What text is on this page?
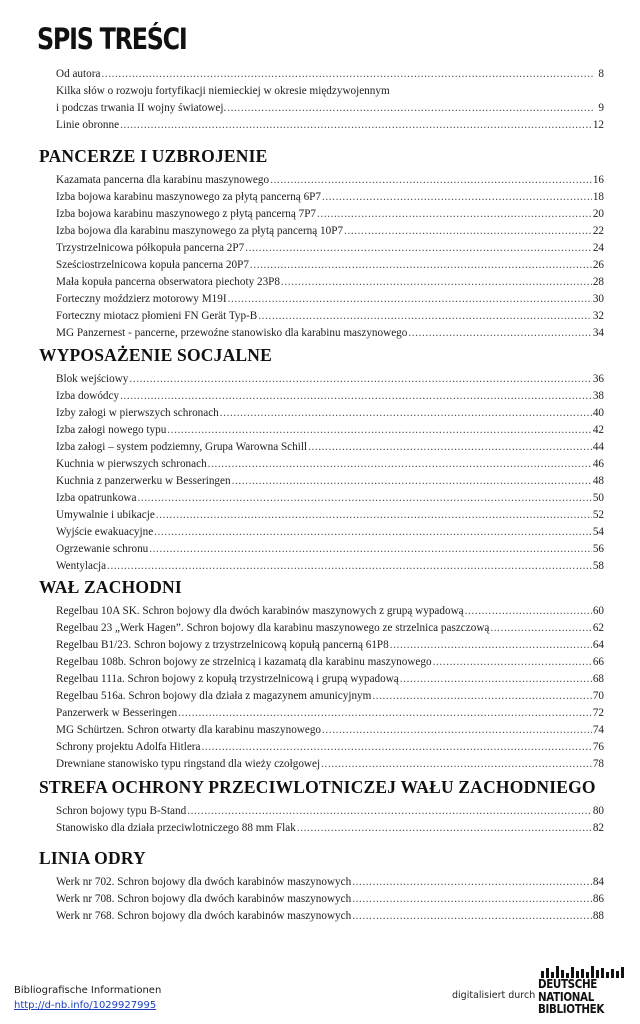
SPIS TREŚCI
Od autora .....	8
Kilka słów o rozwoju fortyfikacji niemieckiej w okresie międzywojennym
i podczas trwania II wojny światowej. .....	9
Linie obronne .....	12
PANCERZE I UZBROJENIE
Kazamata pancerna dla karabinu maszynowego .....	16
Izba bojowa karabinu maszynowego za płytą pancerną 6P7 .....	18
Izba bojowa karabinu maszynowego z płytą pancerną 7P7 .....	20
Izba bojowa dla karabinu maszynowego za płytą pancerną 10P7 .....	22
Trzystrzelnicowa półkopuła pancerna 2P7 .....	24
Sześciostrzelnicowa kopuła pancerna 20P7 .....	26
Mała kopuła pancerna obserwatora piechoty 23P8 .....	28
Forteczny moździerz motorowy M19I .....	30
Forteczny miotacz płomieni FN Gerät Typ-B .....	32
MG Panzernest - pancerne, przewoźne stanowisko dla karabinu maszynowego .....	34
WYPOSAŻENIE SOCJALNE
Blok wejściowy .....	36
Izba dowódcy .....	38
Izby załogi w pierwszych schronach .....	40
Izba załogi nowego typu .....	42
Izba załogi – system podziemny, Grupa Warowna Schill .....	44
Kuchnia w pierwszych schronach .....	46
Kuchnia z panzerwerku w Besseringen .....	48
Izba opatrunkowa .....	50
Umywalnie i ubikacje .....	52
Wyjście ewakuacyjne .....	54
Ogrzewanie schronu .....	56
Wentylacja .....	58
WAŁ ZACHODNI
Regelbau 10A SK. Schron bojowy dla dwóch karabinów maszynowych z grupą wypadową .....	60
Regelbau 23 „Werk Hagen”. Schron bojowy dla karabinu maszynowego ze strzelnica paszczową .....	62
Regelbau B1/23. Schron bojowy z trzystrzelnicową kopułą pancerną 61P8 .....	64
Regelbau 108b. Schron bojowy ze strzelnicą i kazamatą dla karabinu maszynowego .....	66
Regelbau 111a. Schron bojowy z kopułą trzystrzelnicową i grupą wypadową .....	68
Regelbau 516a. Schron bojowy dla działa z magazynem amunicyjnym .....	70
Panzerwerk w Besseringen .....	72
MG Schürtzen. Schron otwarty dla karabinu maszynowego .....	74
Schrony projektu Adolfa Hitlera .....	76
Drewniane stanowisko typu ringstand dla wieży czołgowej .....	78
STREFA OCHRONY PRZECIWLOTNICZEJ WAŁU ZACHODNIEGO
Schron bojowy typu B-Stand .....	80
Stanowisko dla działa przeciwlotniczego 88 mm Flak .....	82
LINIA ODRY
Werk nr 702. Schron bojowy dla dwóch karabinów maszynowych .....	84
Werk nr 708. Schron bojowy dla dwóch karabinów maszynowych .....	86
Werk nr 768. Schron bojowy dla dwóch karabinów maszynowych .....	88
Bibliografische Informationen
http://d-nb.info/1029927995
digitalisiert durch
DEUTSCHE
NATIONAL
BIBLIOTHEK
